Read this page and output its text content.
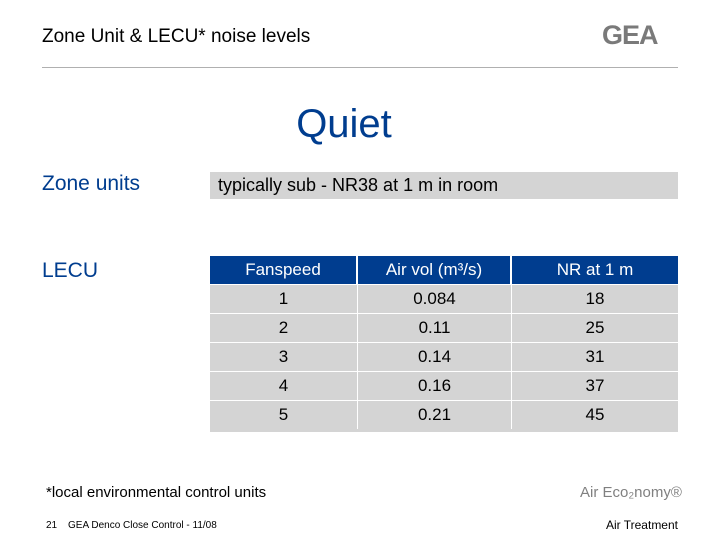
Zone Unit & LECU* noise levels	GEA
Quiet
Zone units	typically sub - NR38 at 1 m in room
LECU	Fanspeed	Air vol (m³/s)	NR at 1 m
1	0.084	18
2	0.11	25
3	0.14	31
4	0.16	37
5	0.21	45
*local environmental control units	Air Eco₂nomy®
21 GEA Denco Close Control - 11/08	Air Treatment
